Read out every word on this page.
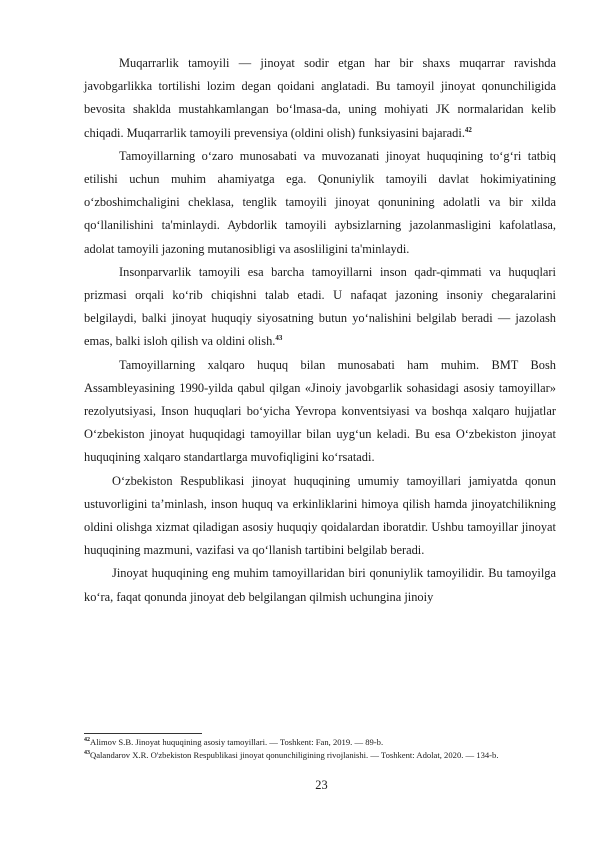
Muqarrarlik tamoyili — jinoyat sodir etgan har bir shaxs muqarrar ravishda javobgarlikka tortilishi lozim degan qoidani anglatadi. Bu tamoyil jinoyat qonunchiligida bevosita shaklda mustahkamlangan bo‘lmasa-da, uning mohiyati JK normalaridan kelib chiqadi. Muqarrarlik tamoyili prevensiya (oldini olish) funksiyasini bajaradi.$^{42}$

Tamoyillarning o‘zaro munosabati va muvozanati jinoyat huquqining to‘g‘ri tatbiq etilishi uchun muhim ahamiyatga ega. Qonuniylik tamoyili davlat hokimiyatining o‘zboshimchaligini cheklasa, tenglik tamoyili jinoyat qonunining adolatli va bir xilda qo‘llanilishini ta'minlaydi. Aybdorlik tamoyili aybsizlarning jazolanmasligini kafolatlasa, adolat tamoyili jazoning mutanosibligi va asosliligini ta'minlaydi.

Insonparvarlik tamoyili esa barcha tamoyillarni inson qadr-qimmati va huquqlari prizmasi orqali ko‘rib chiqishni talab etadi. U nafaqat jazoning insoniy chegaralarini belgilaydi, balki jinoyat huquqiy siyosatning butun yo‘nalishini belgilab beradi — jazolash emas, balki isloh qilish va oldini olish.$^{43}$

Tamoyillarning xalqaro huquq bilan munosabati ham muhim. BMT Bosh Assambleyasining 1990-yilda qabul qilgan «Jinoiy javobgarlik sohasidagi asosiy tamoyillar» rezolyutsiyasi, Inson huquqlari bo‘yicha Yevropa konventsiyasi va boshqa xalqaro hujjatlar O‘zbekiston jinoyat huquqidagi tamoyillar bilan uyg‘un keladi. Bu esa O‘zbekiston jinoyat huquqining xalqaro standartlarga muvofiqligini ko‘rsatadi.

O‘zbekiston Respublikasi jinoyat huquqining umumiy tamoyillari jamiyatda qonun ustuvorligini ta’minlash, inson huquq va erkinliklarini himoya qilish hamda jinoyatchilikning oldini olishga xizmat qiladigan asosiy huquqiy qoidalardan iboratdir. Ushbu tamoyillar jinoyat huquqining mazmuni, vazifasi va qo‘llanish tartibini belgilab beradi.

Jinoyat huquqining eng muhim tamoyillaridan biri qonuniylik tamoyilidir. Bu tamoyilga ko‘ra, faqat qonunda jinoyat deb belgilangan qilmish uchungina jinoiy

$^{42}$Alimov S.B. Jinoyat huquqining asosiy tamoyillari. — Toshkent: Fan, 2019. — 89-b.

$^{43}$Qalandarov X.R. O'zbekiston Respublikasi jinoyat qonunchiligining rivojlanishi. — Toshkent: Adolat, 2020. — 134-b.

23
